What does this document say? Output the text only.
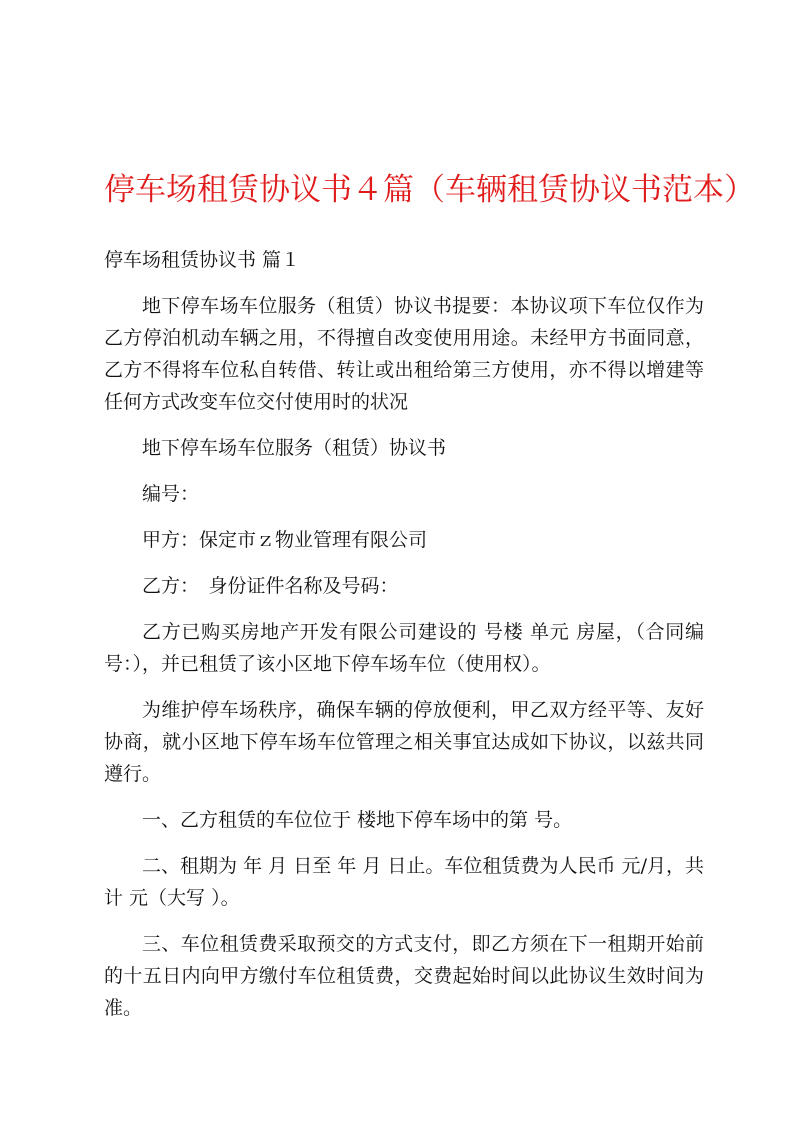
停车场租赁协议书４篇（车辆租赁协议书范本）
停车场租赁协议书 篇１

地下停车场车位服务（租赁）协议书提要：本协议项下车位仅作为乙方停泊机动车辆之用，不得擅自改变使用用途。未经甲方书面同意，乙方不得将车位私自转借、转让或出租给第三方使用，亦不得以增建等任何方式改变车位交付使用时的状况

地下停车场车位服务（租赁）协议书

编号：

甲方：保定市ｚ物业管理有限公司

乙方：　身份证件名称及号码：

乙方已购买房地产开发有限公司建设的 号楼 单元 房屋，（合同编号：），并已租赁了该小区地下停车场车位（使用权）。

为维护停车场秩序，确保车辆的停放便利，甲乙双方经平等、友好协商，就小区地下停车场车位管理之相关事宜达成如下协议，以兹共同遵行。

一、乙方租赁的车位位于 楼地下停车场中的第 号。

二、租期为 年 月 日至 年 月 日止。车位租赁费为人民币 元/月，共计 元（大写 ）。

三、车位租赁费采取预交的方式支付，即乙方须在下一租期开始前的十五日内向甲方缴付车位租赁费，交费起始时间以此协议生效时间为准。
